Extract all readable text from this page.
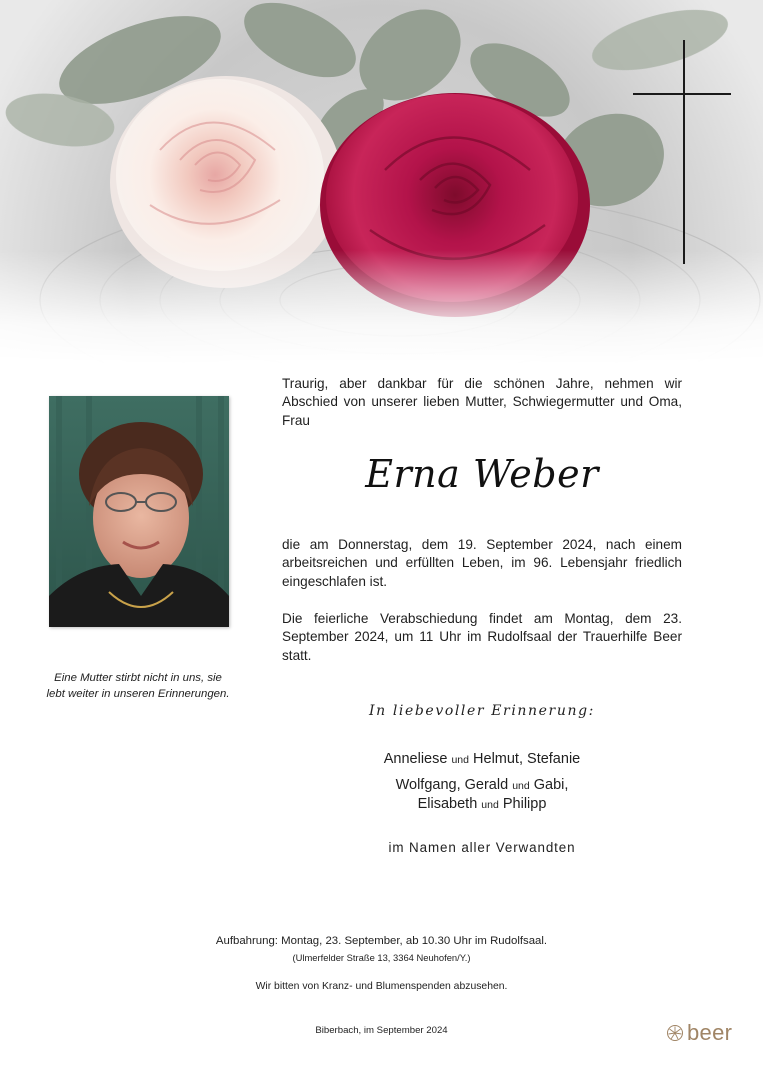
Eine Mutter stirbt nicht in uns, sie lebt weiter in unseren Erinnerungen.
Traurig, aber dankbar für die schönen Jahre, nehmen wir Abschied von unserer lieben Mutter, Schwiegermutter und Oma, Frau
Erna Weber
die am Donnerstag, dem 19. September 2024, nach einem arbeitsreichen und erfüllten Leben, im 96. Lebensjahr friedlich eingeschlafen ist.
Die feierliche Verabschiedung findet am Montag, dem 23. September 2024, um 11 Uhr im Rudolfsaal der Trauerhilfe Beer statt.
In liebevoller Erinnerung:
Anneliese und Helmut, Stefanie
Wolfgang, Gerald und Gabi,
Elisabeth und Philipp
im Namen aller Verwandten
Aufbahrung: Montag, 23. September, ab 10.30 Uhr im Rudolfsaal.
(Ulmerfelder Straße 13, 3364 Neuhofen/Y.)
Wir bitten von Kranz- und Blumenspenden abzusehen.
Biberbach, im September 2024	beer
